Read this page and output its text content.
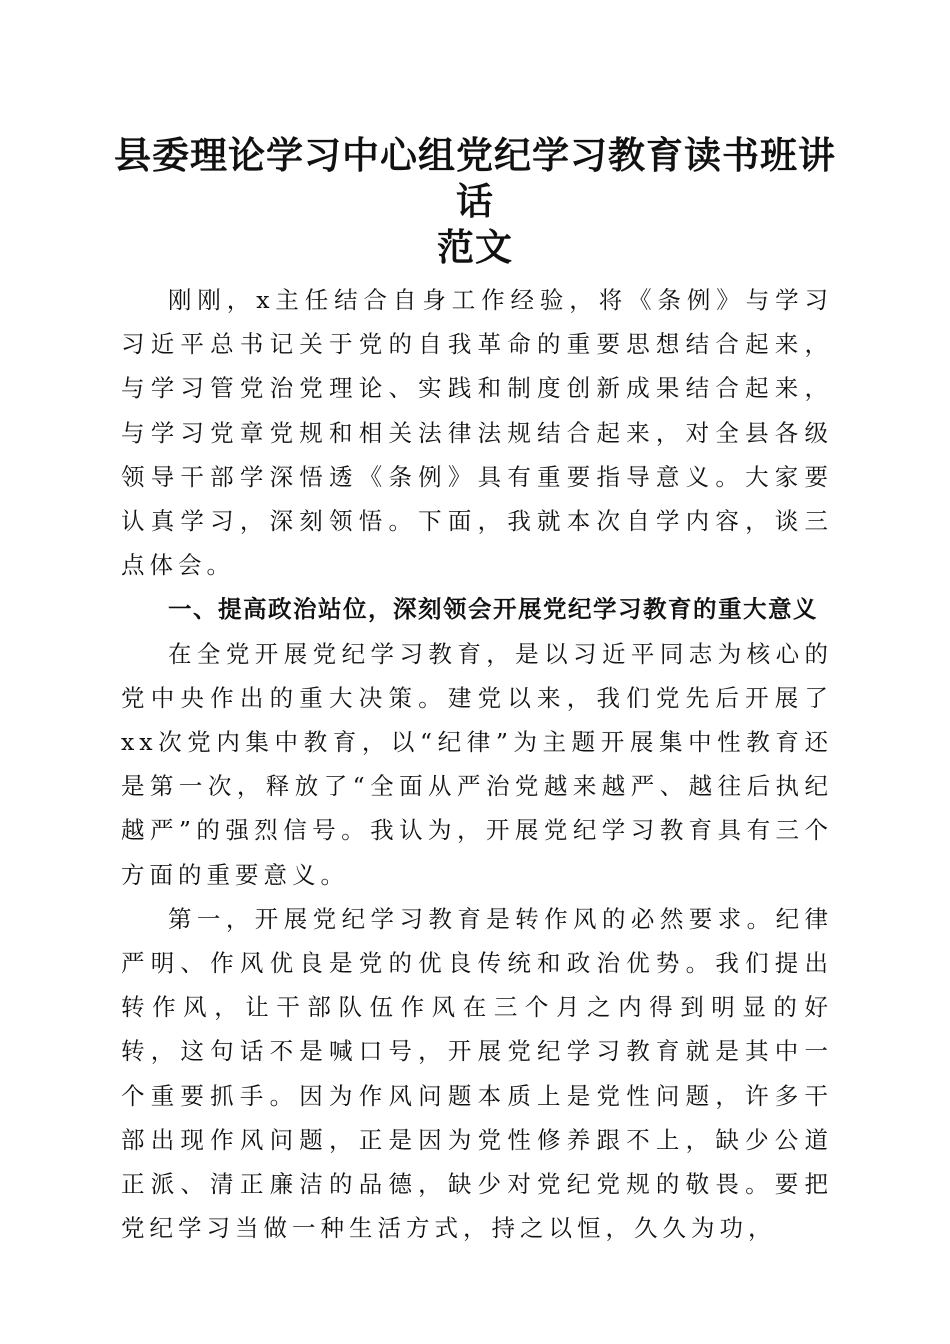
县委理论学习中心组党纪学习教育读书班讲话
范文

刚刚，x主任结合自身工作经验，将《条例》与学习习近平总书记关于党的自我革命的重要思想结合起来，与学习管党治党理论、实践和制度创新成果结合起来，与学习党章党规和相关法律法规结合起来，对全县各级领导干部学深悟透《条例》具有重要指导意义。大家要认真学习，深刻领悟。下面，我就本次自学内容，谈三点体会。

一、提高政治站位，深刻领会开展党纪学习教育的重大意义

在全党开展党纪学习教育，是以习近平同志为核心的党中央作出的重大决策。建党以来，我们党先后开展了xx次党内集中教育，以“纪律”为主题开展集中性教育还是第一次，释放了“全面从严治党越来越严、越往后执纪越严”的强烈信号。我认为，开展党纪学习教育具有三个方面的重要意义。

第一，开展党纪学习教育是转作风的必然要求。纪律严明、作风优良是党的优良传统和政治优势。我们提出转作风，让干部队伍作风在三个月之内得到明显的好转，这句话不是喊口号，开展党纪学习教育就是其中一个重要抓手。因为作风问题本质上是党性问题，许多干部出现作风问题，正是因为党性修养跟不上，缺少公道正派、清正廉洁的品德，缺少对党纪党规的敬畏。要把党纪学习当做一种生活方式，持之以恒，久久为功，
